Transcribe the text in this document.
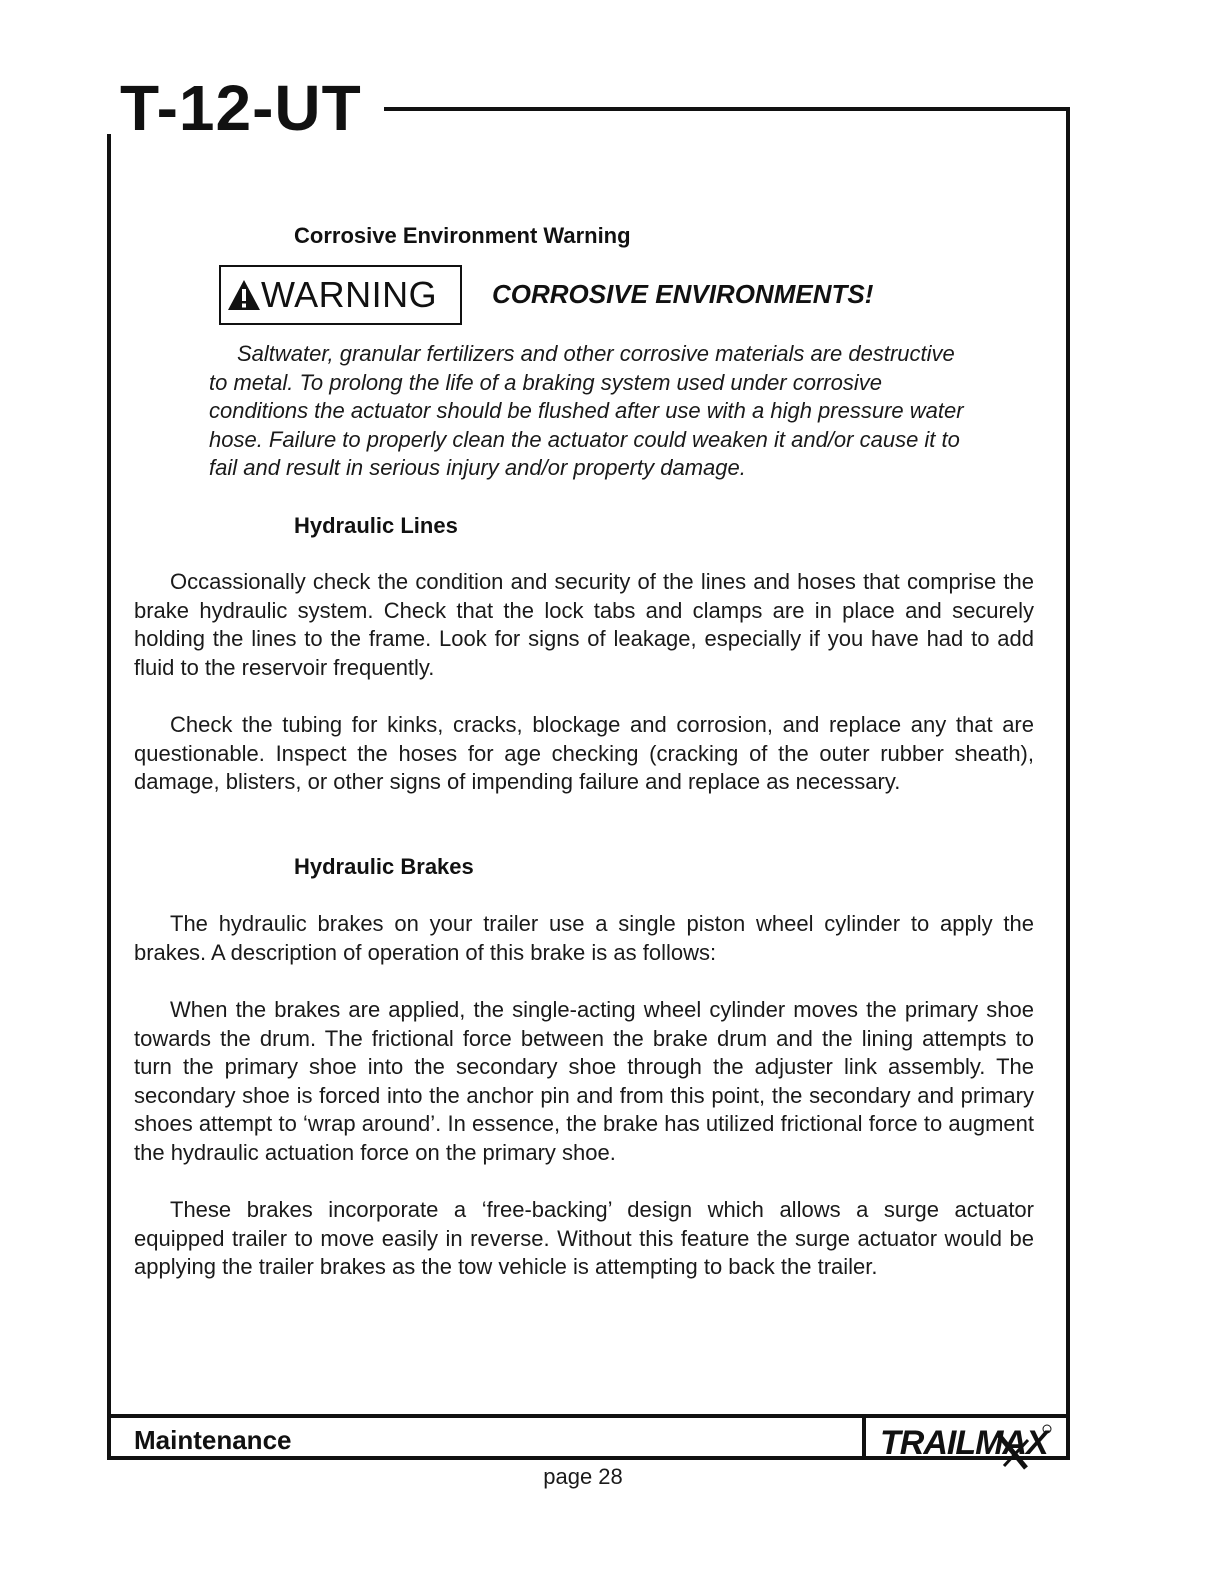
T-12-UT
Corrosive Environment Warning
WARNING CORROSIVE ENVIRONMENTS!

Saltwater, granular fertilizers and other corrosive materials are destructive to metal. To prolong the life of a braking system used under corrosive conditions the actuator should be flushed after use with a high pressure water hose. Failure to properly clean the actuator could weaken it and/or cause it to fail and result in serious injury and/or property damage.

Hydraulic Lines

Occassionally check the condition and security of the lines and hoses that comprise the brake hydraulic system. Check that the lock tabs and clamps are in place and securely holding the lines to the frame. Look for signs of leakage, especially if you have had to add fluid to the reservoir frequently.

Check the tubing for kinks, cracks, blockage and corrosion, and replace any that are questionable. Inspect the hoses for age checking (cracking of the outer rubber sheath), damage, blisters, or other signs of impending failure and replace as necessary.

Hydraulic Brakes

The hydraulic brakes on your trailer use a single piston wheel cylinder to apply the brakes. A description of operation of this brake is as follows:

When the brakes are applied, the single-acting wheel cylinder moves the primary shoe towards the drum. The frictional force between the brake drum and the lining attempts to turn the primary shoe into the secondary shoe through the adjuster link assembly. The secondary shoe is forced into the anchor pin and from this point, the secondary and primary shoes attempt to ‘wrap around’. In essence, the brake has utilized frictional force to augment the hydraulic actuation force on the primary shoe.

These brakes incorporate a ‘free-backing’ design which allows a surge actuator equipped trailer to move easily in reverse. Without this feature the surge actuator would be applying the trailer brakes as the tow vehicle is attempting to back the trailer.

Maintenance	TRAILMAX

page 28
